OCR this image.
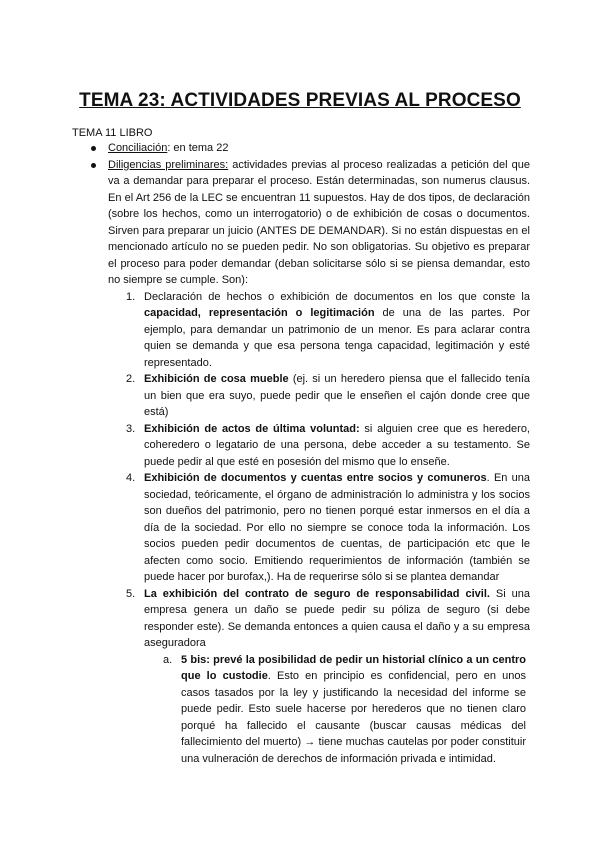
TEMA 23: ACTIVIDADES PREVIAS AL PROCESO

TEMA 11 LIBRO

Conciliación: en tema 22
Diligencias preliminares: actividades previas al proceso realizadas a petición del que va a demandar para preparar el proceso. Están determinadas, son numerus clausus. En el Art 256 de la LEC se encuentran 11 supuestos. Hay de dos tipos, de declaración (sobre los hechos, como un interrogatorio) o de exhibición de cosas o documentos. Sirven para preparar un juicio (ANTES DE DEMANDAR). Si no están dispuestas en el mencionado artículo no se pueden pedir. No son obligatorias. Su objetivo es preparar el proceso para poder demandar (deban solicitarse sólo si se piensa demandar, esto no siempre se cumple. Son):
1. Declaración de hechos o exhibición de documentos en los que conste la capacidad, representación o legitimación de una de las partes. Por ejemplo, para demandar un patrimonio de un menor. Es para aclarar contra quien se demanda y que esa persona tenga capacidad, legitimación y esté representado.
2. Exhibición de cosa mueble (ej. si un heredero piensa que el fallecido tenía un bien que era suyo, puede pedir que le enseñen el cajón donde cree que está)
3. Exhibición de actos de última voluntad: si alguien cree que es heredero, coheredero o legatario de una persona, debe acceder a su testamento. Se puede pedir al que esté en posesión del mismo que lo enseñe.
4. Exhibición de documentos y cuentas entre socios y comuneros. En una sociedad, teóricamente, el órgano de administración lo administra y los socios son dueños del patrimonio, pero no tienen porqué estar inmersos en el día a día de la sociedad. Por ello no siempre se conoce toda la información. Los socios pueden pedir documentos de cuentas, de participación etc que le afecten como socio. Emitiendo requerimientos de información (también se puede hacer por burofax,). Ha de requerirse sólo si se plantea demandar
5. La exhibición del contrato de seguro de responsabilidad civil. Si una empresa genera un daño se puede pedir su póliza de seguro (si debe responder este). Se demanda entonces a quien causa el daño y a su empresa aseguradora
a. 5 bis: prevé la posibilidad de pedir un historial clínico a un centro que lo custodie. Esto en principio es confidencial, pero en unos casos tasados por la ley y justificando la necesidad del informe se puede pedir. Esto suele hacerse por herederos que no tienen claro porqué ha fallecido el causante (buscar causas médicas del fallecimiento del muerto) → tiene muchas cautelas por poder constituir una vulneración de derechos de información privada e intimidad.
